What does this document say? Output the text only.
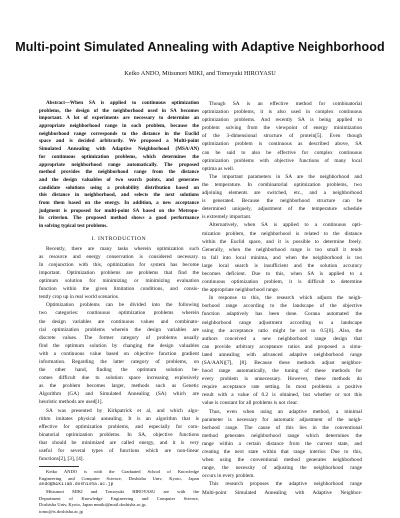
Multi-point Simulated Annealing with Adaptive Neighborhood
Keiko ANDO, Mitsunori MIKI, and Tomoyuki HIROYASU
Abstract—When SA is applied to continuous optimization
problems, the design of the neighborhood used in SA becomes
important. A lot of experiments are necessary to determine an
appropriate neighborhood range in each problem, because the
neighborhood range corresponds to the distance in the Euclid
space and is decided arbitrarily. We proposed a Multi-point
Simulated Annealing with Adaptive Neighborhood (MSA/AN)
for continuous optimization problems, which determines the
appropriate neighborhood range automatically. The proposed
method provides the neighborhood range from the distance
and the design valuables of two search points, and generates
candidate solutions using a probability distribution based on
this distance in neighborhood, and selects the next solutions
from them based on the energy. In addition, a new acceptance
judgment is proposed for multi-point SA based on the Metropo-
lis criterion. The proposed method shows a good performance
in solving typical test problems.
I. INTRODUCTION
Recently, there are many tasks wherein optimization such
as resource and energy conservation is considered necessary.
In conjunction with this, optimization for system has become
important. Optimization problems are problems that find the
optimum solution for minimizing or minimizing evaluation
function within the given limitation conditions, and consis-
tently crop up in real world scenarios.
Optimization problems can be divided into the following
two categories: continuous optimization problems wherein
the design variables are continuous values and combinato-
rial optimization problems wherein the design variables are
discrete values. The former category of problems usually
find the optimum solution by changing the design valuables
with a continuous value based on objective function gradient
information. Regarding the latter category of problems, on
the other hand, finding the optimum solution be-
comes difficult due to solution space increasing explosively
as the problem becomes larger, methods such as Genetic
Algorithm (GA) and Simulated Annealing (SA) which are
heuristic methods are used[1].
SA was presented by Kirkpatrick et al, and which algo-
rithm imitates physical annealing. It is an algorithm that is
effective for optimization problems, and especially for com-
binatorial optimization problems. In SA, objective functions
that should be minimized are called energy, and it is very
useful for several types of functions which are non-linear
functions[2], [3], [4].
Keiko ANDO is with the Graduated School of Knowledge
Engineering and Computer Science, Doshisha Univ, Kyoto, Japan
ando@mikilab.doshisha.ac.jp
Mitsunori MIKI and Tomoyuki HIROYASU are with the
Department of Knowledge Engineering and Computer Science,
Doshisha Univ, Kyoto, Japan mmiki@mail.doshisha.ac.jp,
tomo@is.doshisha.ac.jp
Though SA is an effective method for combinatorial
optimization problems, it is also used in complex continuous
optimization problems. And recently SA is being applied to
problem solving from the viewpoint of energy minimization
of the 3-dimensional structure of protein[5]. Even though
optimization problem is continuous as described above, SA
can be said to also be effective for complex continuous
optimization problems with objective functions of many local
optima as well.
The important parameters in SA are the neighborhood and
the temperature. In combinatorial optimization problems, two
adjoining elements are switched, etc., and a neighborhood
is generated. Because the neighborhood structure can be
determined uniquely, adjustment of the temperature schedule
is extremely important.
Alternatively, when SA is applied to a continuous opti-
mization problem, the neighborhood is related to the distance
within the Euclid space, and it is possible to determine freely.
Generally, when the neighborhood range is too small it tends
to fall into local minima, and when the neighborhood is too
large local search is insufficient and the solution accuracy
becomes deficient. Due to this, when SA is applied to a
continuous optimization problem, it is difficult to determine
the appropriate neighborhood range.
In response to this, the research which adjusts the neigh-
borhood range according to the landscape of the objective
function adaptively has been done. Corana automated the
neighborhood range adjustment according to a landscape
using the acceptance ratio might be set to 0.5[6]. Also, the
authors conceived a new neighborhood range design that
can provide arbitrary acceptance ratios and proposed a simu-
lated annealing with advanced adaptive neighborhood range
(SA/AAN)[7], [8]. Because these methods adjust neighbor-
hood range automatically, the tuning of these methods for
every problem is unnecessary. However, these methods do
require acceptance rate setting. In most problems a positive
result with a value of 0.2 is obtained, but whether or not this
value is constant for all problems is not clear.
Thus, even when using an adaptive method, a minimal
parameter is necessary for automatic adjustment of the neigh-
borhood range. The cause of this lies in the conventional
method generates neighborhood range which determines the
range within a certain distance from the current state, and
creating the next state within that range interior. Due to this,
when using the conventional method generates neighborhood
range, the necessity of adjusting the neighborhood range
occurs in every problem.
This research proposes the adaptive neighborhood range
Multi-point Simulated Annealing with Adaptive Neighbor-
